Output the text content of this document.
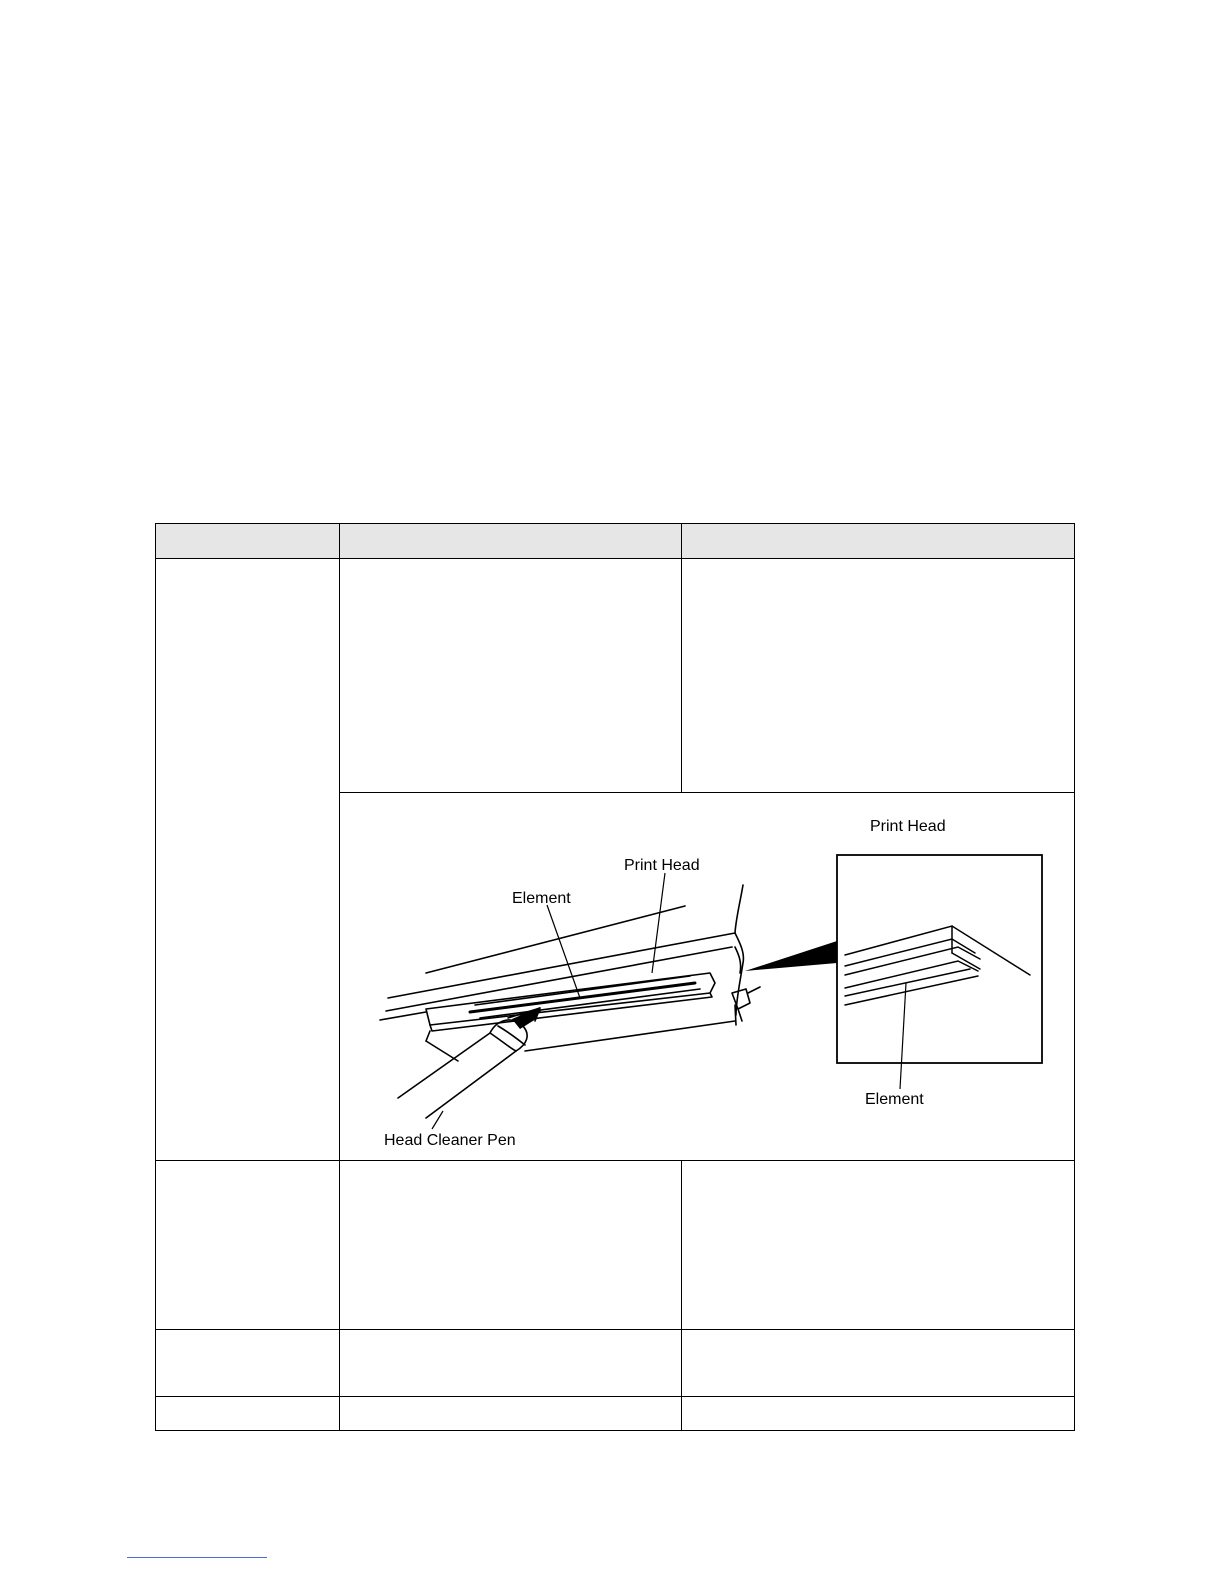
Print Head
Element
Head Cleaner Pen
Print Head
Element	
